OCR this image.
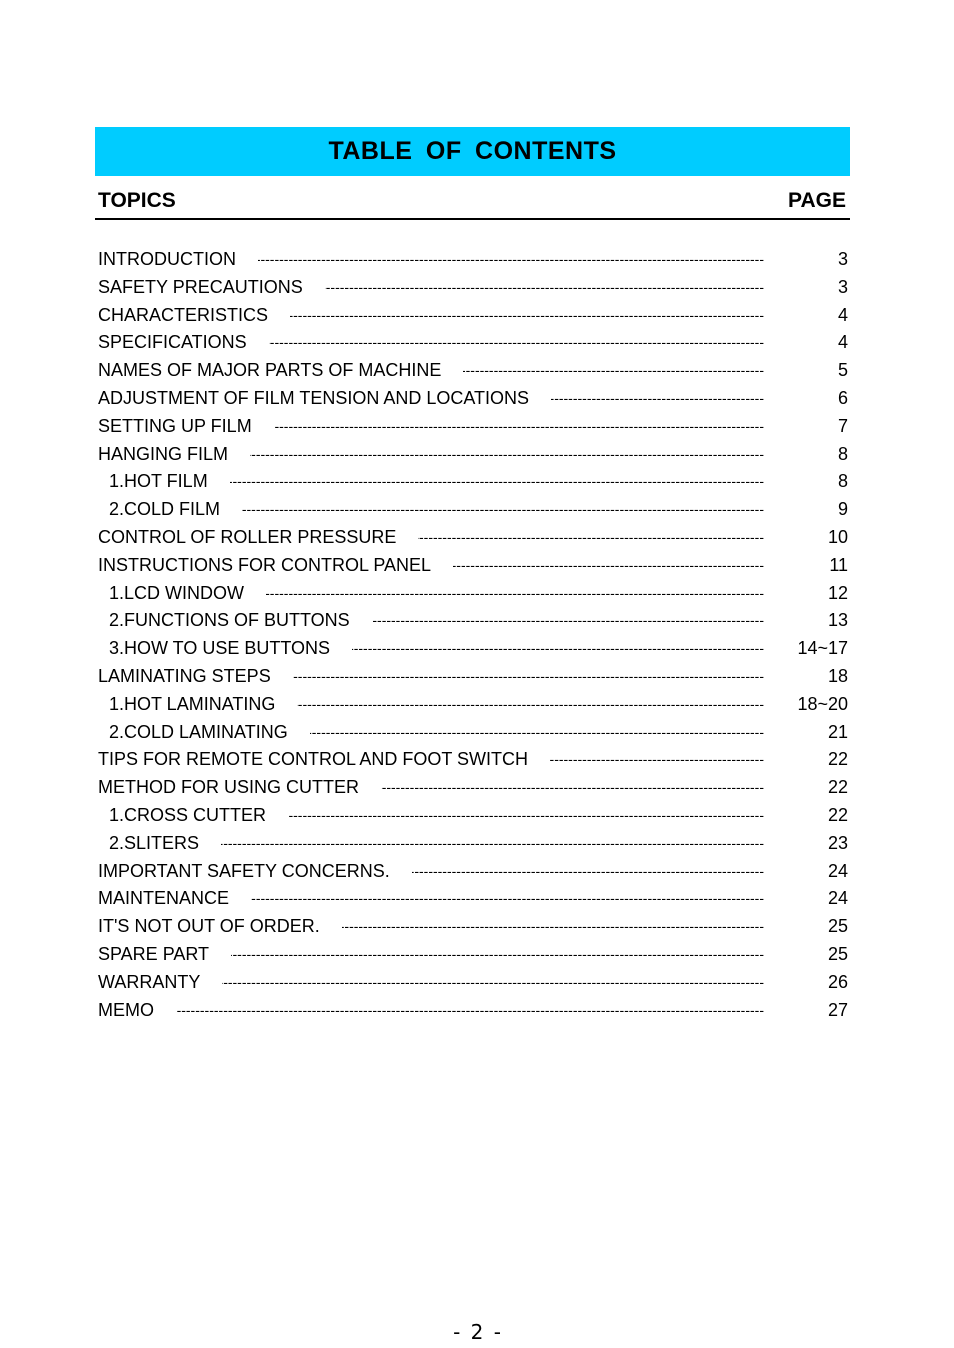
TABLE OF CONTENTS
TOPICS	PAGE
INTRODUCTION -----	3
SAFETY PRECAUTIONS -----	3
CHARACTERISTICS -----	4
SPECIFICATIONS -----	4
NAMES OF MAJOR PARTS OF MACHINE -----	5
ADJUSTMENT OF FILM TENSION AND LOCATIONS -----	6
SETTING UP FILM -----	7
HANGING FILM -----	8
1.HOT FILM -----	8
2.COLD FILM -----	9
CONTROL OF ROLLER PRESSURE -----	10
INSTRUCTIONS FOR CONTROL PANEL -----	11
1.LCD WINDOW -----	12
2.FUNCTIONS OF BUTTONS -----	13
3.HOW TO USE BUTTONS -----	14~17
LAMINATING STEPS -----	18
1.HOT LAMINATING -----	18~20
2.COLD LAMINATING -----	21
TIPS FOR REMOTE CONTROL AND FOOT SWITCH -----	22
METHOD FOR USING CUTTER -----	22
1.CROSS CUTTER -----	22
2.SLITERS -----	23
IMPORTANT SAFETY CONCERNS. -----	24
MAINTENANCE -----	24
IT'S NOT OUT OF ORDER. -----	25
SPARE PART -----	25
WARRANTY -----	26
MEMO -----	27
- 2 -
